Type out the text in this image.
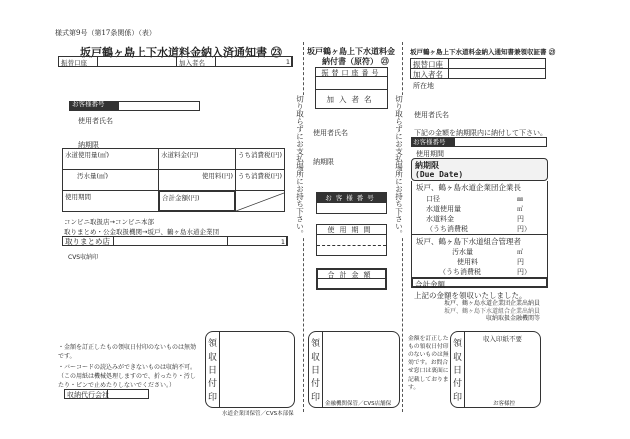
様式第9号（第17条関係）（表）
坂戸鶴ヶ島上下水道料金納入済通知書 ㉓
振替口座	加入者名	1
お客様番号
使用者氏名
納期限
水道使用量(㎥)	水道料金(円)	うち消費税(円)
汚水量(㎥)	使用料(円) うち消費税(円)
使用期間	合計金額(円)
コンビニ取扱店→コンビニ本部
取りまとめ・公金取扱機関→坂戸、鶴ヶ島水道企業団
取りまとめ店	1
CVS収納印
・金額を訂正したもの領収日付印のないものは無効です。
・バーコードの読込みができないものは収納不可。（この用紙は機械処理しますので、折ったり・汚したり・ピンで止めたりしないでください。）
収納代行会社
領
収
日
付
印
水道企業団保管／CVS本部保
切り取らずにお支払場所にお持ち下さい。
坂戸鶴ヶ島上下水道料金
納付書（原符） ㉓
振替口座番号
加入者名
使用者氏名
納期限
お客様番号
使用期間
合計金額
領
収
日
付
印
金融機関保管／CVS店舗保
切り取らずにお支払場所にお持ち下さい。
坂戸鶴ヶ島上下水道料金納入通知書兼領収証書 ㉓
振替口座
加入者名
所在地
使用者氏名
下記の金額を納期限内に納付して下さい。
お客様番号
使用期間
納期限
(Due Date)
坂戸、鶴ヶ島水道企業団企業長
口径	㎜
水道使用量	㎥
水道料金	円
（うち消費税	円）
坂戸、鶴ヶ島下水道組合管理者
汚水量	㎥
使用料	円
（うち消費税	円）
合計金額
上記の金額を領収いたしました。
坂戸、鶴ヶ島水道企業団企業出納員
坂戸、鶴ヶ島下水道組合企業出納員
収納取扱金融機関等
金額を訂正したもの領収日付印のないものは無効です。お問合せ窓口は裏面に記載しております。
領
収
日
付
印
収入印紙不要
お客様控
